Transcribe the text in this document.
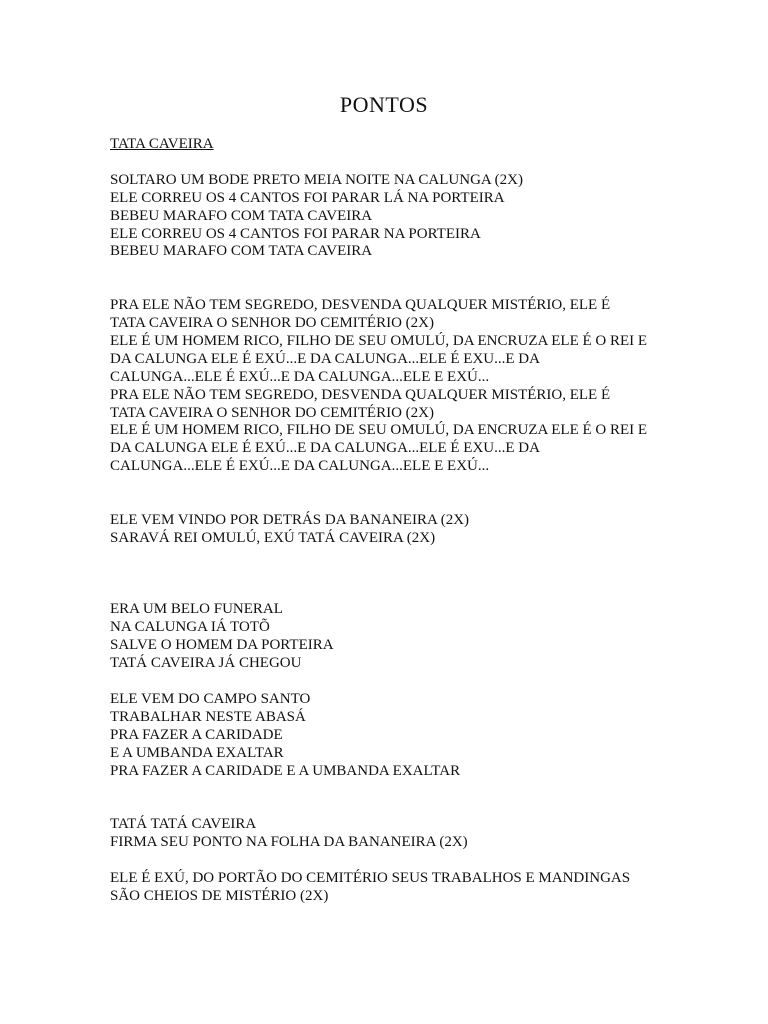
PONTOS

TATA CAVEIRA

SOLTARO UM BODE PRETO MEIA NOITE NA CALUNGA (2X)
ELE CORREU OS 4 CANTOS FOI PARAR LÁ NA PORTEIRA
BEBEU MARAFO COM TATA CAVEIRA
ELE CORREU OS 4 CANTOS FOI PARAR NA PORTEIRA
BEBEU MARAFO COM TATA CAVEIRA

PRA ELE NÃO TEM SEGREDO, DESVENDA QUALQUER MISTÉRIO, ELE É
TATA CAVEIRA O SENHOR DO CEMITÉRIO (2X)
ELE É UM HOMEM RICO, FILHO DE SEU OMULÚ, DA ENCRUZA ELE É O REI E
DA CALUNGA ELE É EXÚ...E DA CALUNGA...ELE É EXU...E DA
CALUNGA...ELE É EXÚ...E DA CALUNGA...ELE E EXÚ...
PRA ELE NÃO TEM SEGREDO, DESVENDA QUALQUER MISTÉRIO, ELE É
TATA CAVEIRA O SENHOR DO CEMITÉRIO (2X)
ELE É UM HOMEM RICO, FILHO DE SEU OMULÚ, DA ENCRUZA ELE É O REI E
DA CALUNGA ELE É EXÚ...E DA CALUNGA...ELE É EXU...E DA
CALUNGA...ELE É EXÚ...E DA CALUNGA...ELE E EXÚ...

ELE VEM VINDO POR DETRÁS DA BANANEIRA (2X)
SARAVÁ REI OMULÚ, EXÚ TATÁ CAVEIRA (2X)

ERA UM BELO FUNERAL
NA CALUNGA IÁ TOTÕ
SALVE O HOMEM DA PORTEIRA
TATÁ CAVEIRA JÁ CHEGOU

ELE VEM DO CAMPO SANTO
TRABALHAR NESTE ABASÁ
PRA FAZER A CARIDADE
E A UMBANDA EXALTAR
PRA FAZER A CARIDADE E A UMBANDA EXALTAR

TATÁ TATÁ CAVEIRA
FIRMA SEU PONTO NA FOLHA DA BANANEIRA (2X)

ELE É EXÚ, DO PORTÃO DO CEMITÉRIO SEUS TRABALHOS E MANDINGAS
SÃO CHEIOS DE MISTÉRIO (2X)
